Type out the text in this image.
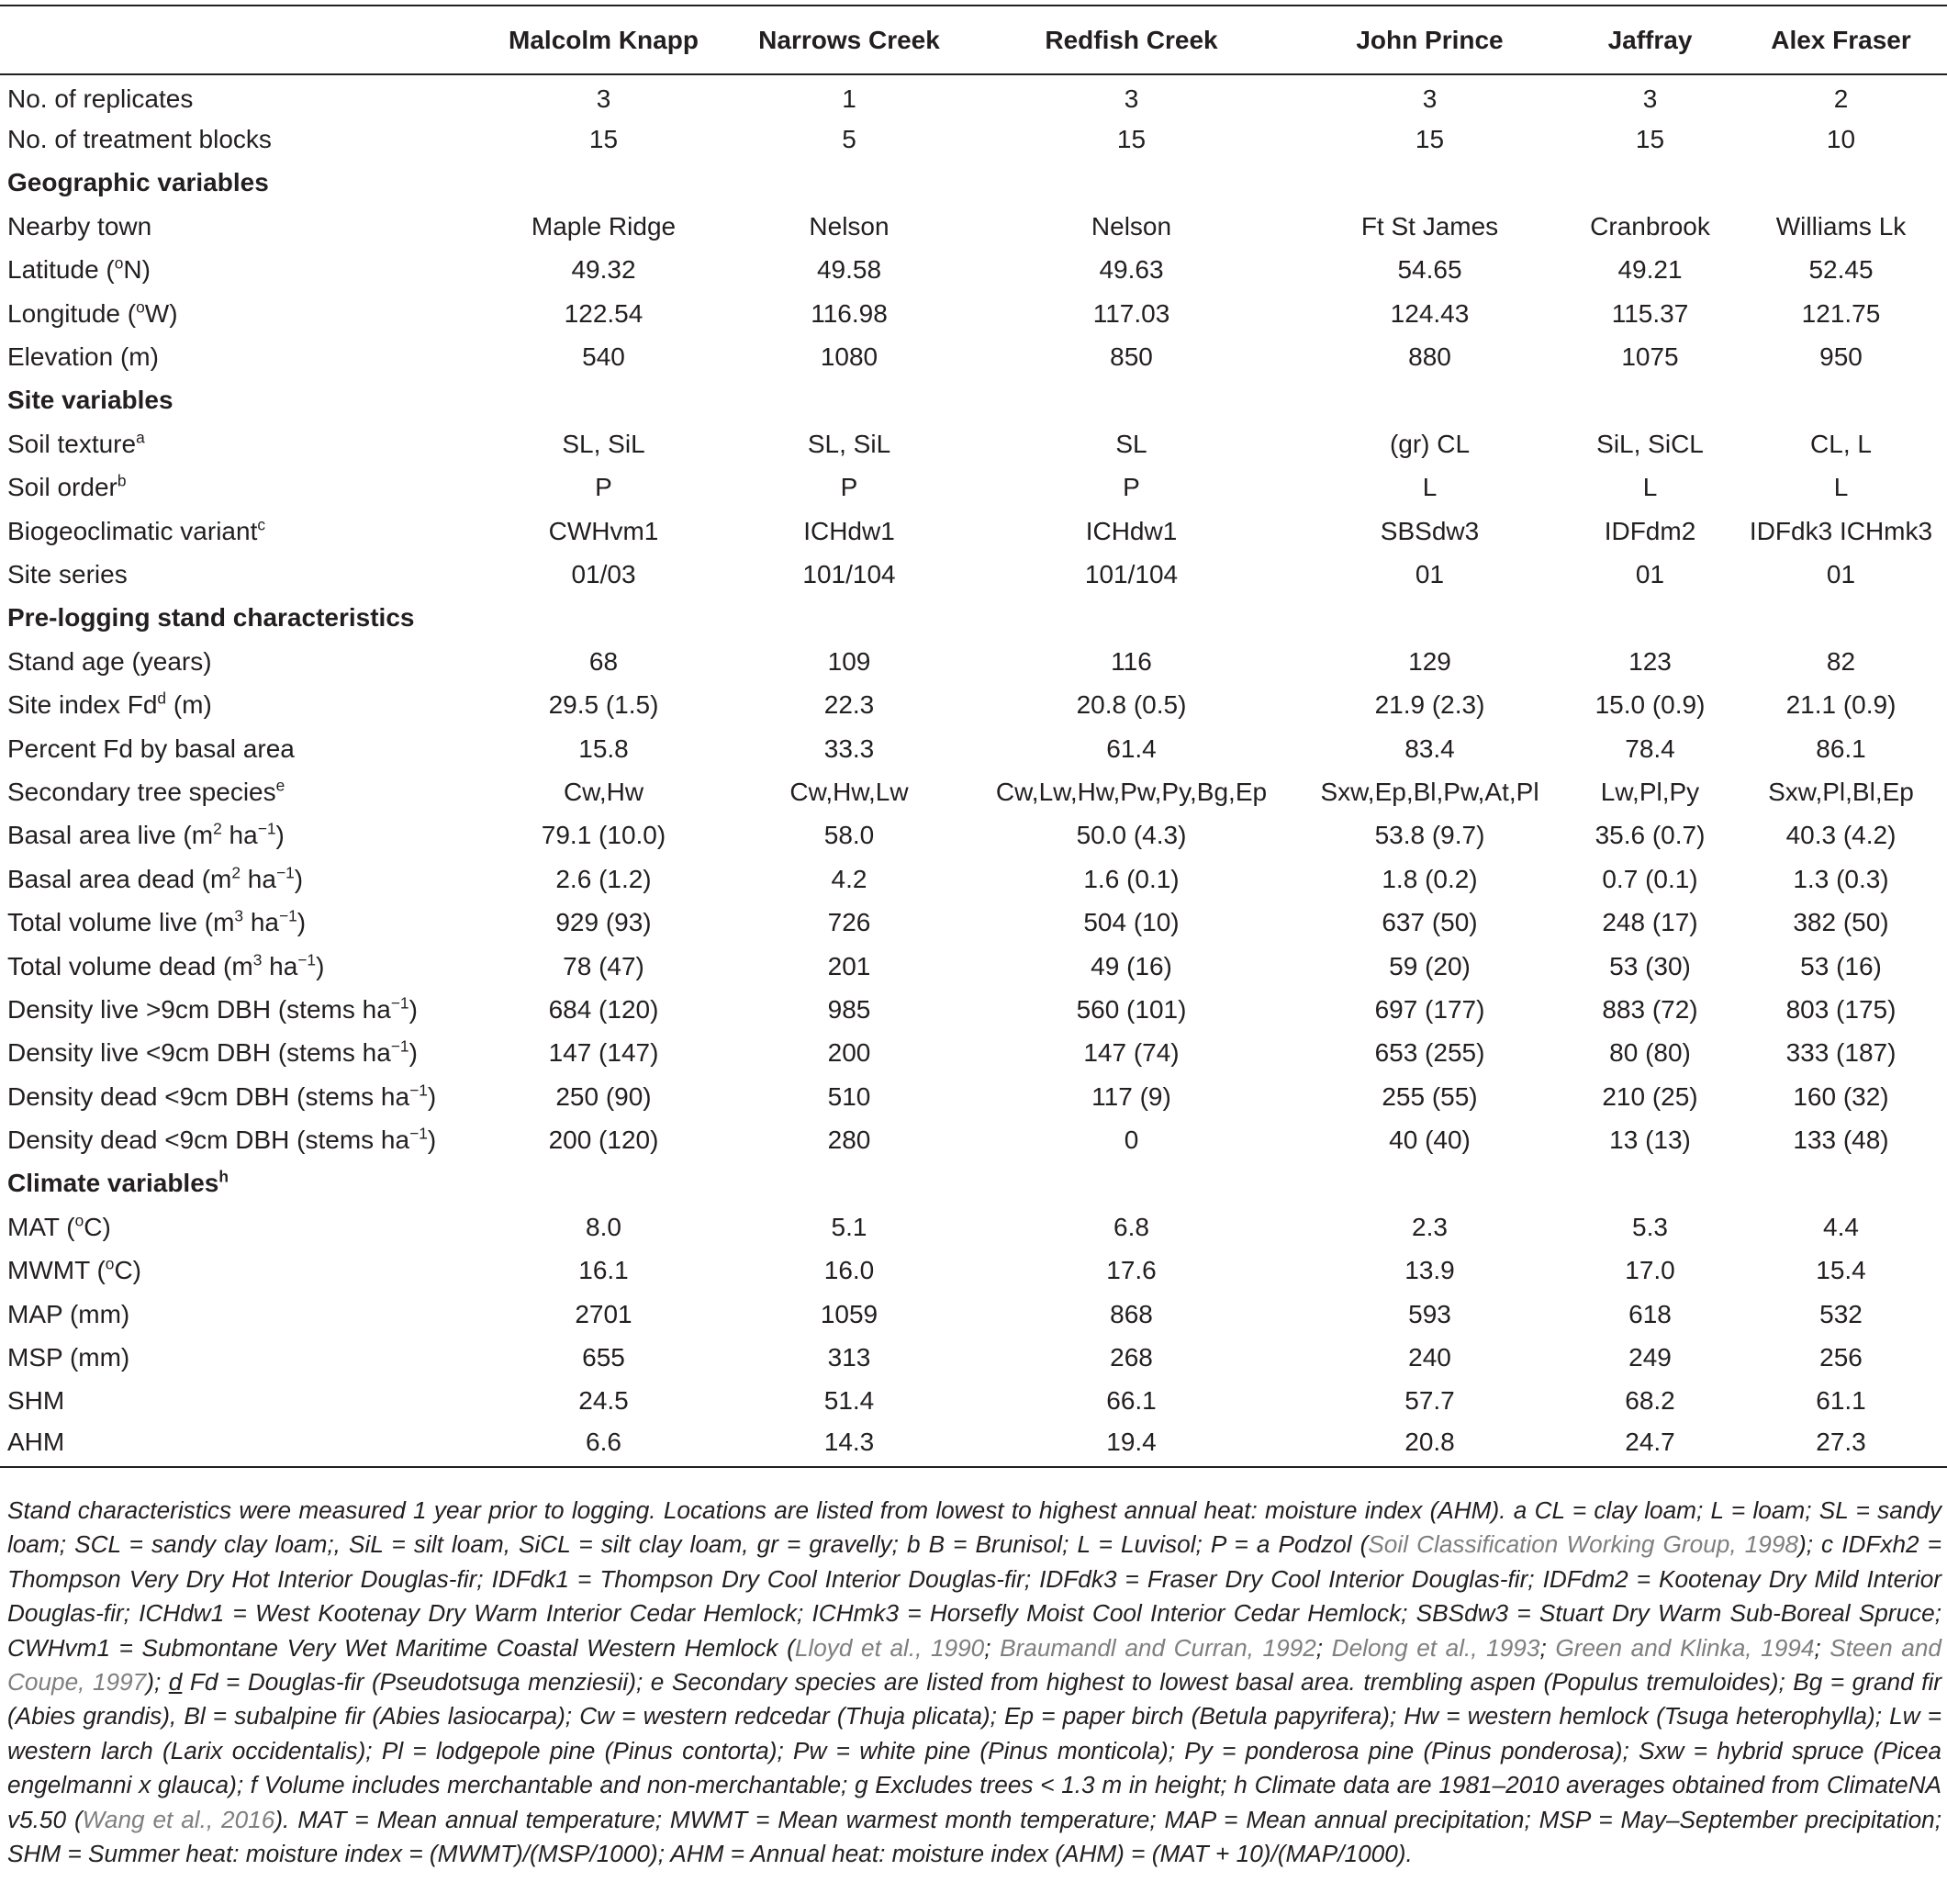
	Malcolm Knapp	Narrows Creek	Redfish Creek	John Prince	Jaffray	Alex Fraser
No. of replicates	3	1	3	3	3	2
No. of treatment blocks	15	5	15	15	15	10
Geographic variables						
Nearby town	Maple Ridge	Nelson	Nelson	Ft St James	Cranbrook	Williams Lk
Latitude ($^o$N)	49.32	49.58	49.63	54.65	49.21	52.45
Longitude ($^o$W)	122.54	116.98	117.03	124.43	115.37	121.75
Elevation (m)	540	1080	850	880	1075	950
Site variables						
Soil texture$^a$	SL, SiL	SL, SiL	SL	(gr) CL	SiL, SiCL	CL, L
Soil order$^b$	P	P	P	L	L	L
Biogeoclimatic variant$^c$	CWHvm1	ICHdw1	ICHdw1	SBSdw3	IDFdm2	IDFdk3 ICHmk3
Site series	01/03	101/104	101/104	01	01	01
Pre-logging stand characteristics						
Stand age (years)	68	109	116	129	123	82
Site index Fd$^d$ (m)	29.5 (1.5)	22.3	20.8 (0.5)	21.9 (2.3)	15.0 (0.9)	21.1 (0.9)
Percent Fd by basal area	15.8	33.3	61.4	83.4	78.4	86.1
Secondary tree species$^e$	Cw,Hw	Cw,Hw,Lw	Cw,Lw,Hw,Pw,Py,Bg,Ep	Sxw,Ep,Bl,Pw,At,Pl	Lw,Pl,Py	Sxw,Pl,Bl,Ep
Basal area live ($m^2$ $ha^{-1}$)	79.1 (10.0)	58.0	50.0 (4.3)	53.8 (9.7)	35.6 (0.7)	40.3 (4.2)
Basal area dead ($m^2$ $ha^{-1}$)	2.6 (1.2)	4.2	1.6 (0.1)	1.8 (0.2)	0.7 (0.1)	1.3 (0.3)
Total volume live ($m^3$ $ha^{-1}$)	929 (93)	726	504 (10)	637 (50)	248 (17)	382 (50)
Total volume dead ($m^3$ $ha^{-1}$)	78 (47)	201	49 (16)	59 (20)	53 (30)	53 (16)
Density live >9cm DBH (stems $ha^{-1}$)	684 (120)	985	560 (101)	697 (177)	883 (72)	803 (175)
Density live <9cm DBH (stems $ha^{-1}$)	147 (147)	200	147 (74)	653 (255)	80 (80)	333 (187)
Density dead <9cm DBH (stems $ha^{-1}$)	250 (90)	510	117 (9)	255 (55)	210 (25)	160 (32)
Density dead <9cm DBH (stems $ha^{-1}$)	200 (120)	280	0	40 (40)	13 (13)	133 (48)
Climate variables$^h$
MAT ($^o$C)	8.0	5.1	6.8	2.3	5.3	4.4
MWMT ($^o$C)	16.1	16.0	17.6	13.9	17.0	15.4
MAP (mm)	2701	1059	868	593	618	532
MSP (mm)	655	313	268	240	249	256
SHM	24.5	51.4	66.1	57.7	68.2	61.1
AHM	6.6	14.3	19.4	20.8	24.7	27.3

Stand characteristics were measured 1 year prior to logging. Locations are listed from lowest to highest annual heat: moisture index (AHM). a CL = clay loam; L = loam; SL = sandy loam; SCL = sandy clay loam;, SiL = silt loam, SiCL = silt clay loam, gr = gravelly; b B = Brunisol; L = Luvisol; P = a Podzol (Soil Classification Working Group, 1998); c IDFxh2 = Thompson Very Dry Hot Interior Douglas-fir; IDFdk1 = Thompson Dry Cool Interior Douglas-fir; IDFdk3 = Fraser Dry Cool Interior Douglas-fir; IDFdm2 = Kootenay Dry Mild Interior Douglas-fir; ICHdw1 = West Kootenay Dry Warm Interior Cedar Hemlock; ICHmk3 = Horsefly Moist Cool Interior Cedar Hemlock; SBSdw3 = Stuart Dry Warm Sub-Boreal Spruce; CWHvm1 = Submontane Very Wet Maritime Coastal Western Hemlock (Lloyd et al., 1990; Braumandl and Curran, 1992; Delong et al., 1993; Green and Klinka, 1994; Steen and Coupe, 1997); d Fd = Douglas-fir (Pseudotsuga menziesii); e Secondary species are listed from highest to lowest basal area. trembling aspen (Populus tremuloides); Bg = grand fir (Abies grandis), Bl = subalpine fir (Abies lasiocarpa); Cw = western redcedar (Thuja plicata); Ep = paper birch (Betula papyrifera); Hw = western hemlock (Tsuga heterophylla); Lw = western larch (Larix occidentalis); Pl = lodgepole pine (Pinus contorta); Pw = white pine (Pinus monticola); Py = ponderosa pine (Pinus ponderosa); Sxw = hybrid spruce (Picea engelmanni x glauca); f Volume includes merchantable and non-merchantable; g Excludes trees < 1.3 m in height; h Climate data are 1981–2010 averages obtained from ClimateNA v5.50 (Wang et al., 2016). MAT = Mean annual temperature; MWMT = Mean warmest month temperature; MAP = Mean annual precipitation; MSP = May–September precipitation; SHM = Summer heat: moisture index = (MWMT)/(MSP/1000); AHM = Annual heat: moisture index (AHM) = (MAT + 10)/(MAP/1000).
